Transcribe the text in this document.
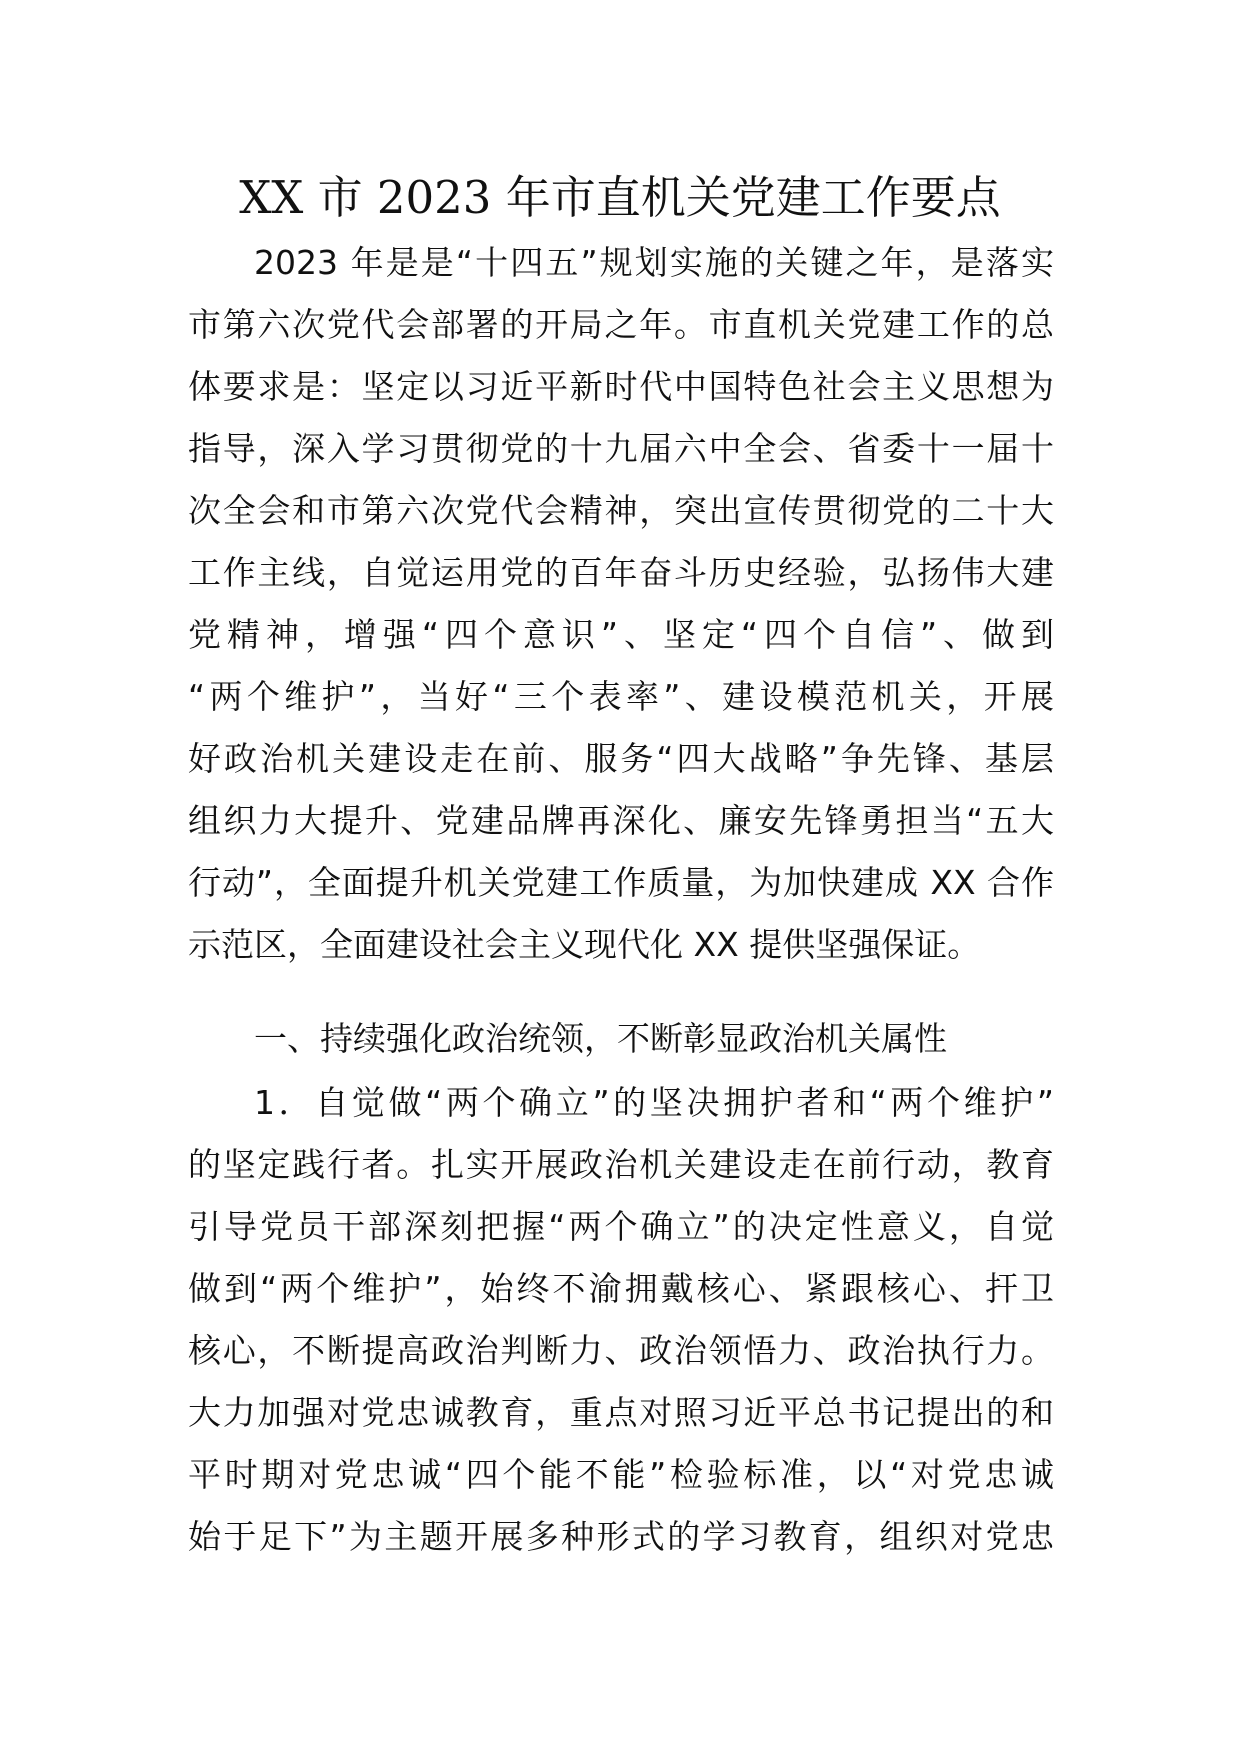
XX 市 2023 年市直机关党建工作要点
2023 年是是“十四五”规划实施的关键之年，是落实
市第六次党代会部署的开局之年。市直机关党建工作的总
体要求是：坚定以习近平新时代中国特色社会主义思想为
指导，深入学习贯彻党的十九届六中全会、省委十一届十
次全会和市第六次党代会精神，突出宣传贯彻党的二十大
工作主线，自觉运用党的百年奋斗历史经验，弘扬伟大建
党精神，增强“四个意识”、坚定“四个自信”、做到
“两个维护”，当好“三个表率”、建设模范机关，开展
好政治机关建设走在前、服务“四大战略”争先锋、基层
组织力大提升、党建品牌再深化、廉安先锋勇担当“五大
行动”，全面提升机关党建工作质量，为加快建成 XX 合作
示范区，全面建设社会主义现代化 XX 提供坚强保证。
一、持续强化政治统领，不断彰显政治机关属性
1．自觉做“两个确立”的坚决拥护者和“两个维护”
的坚定践行者。扎实开展政治机关建设走在前行动，教育
引导党员干部深刻把握“两个确立”的决定性意义，自觉
做到“两个维护”，始终不渝拥戴核心、紧跟核心、扞卫
核心，不断提高政治判断力、政治领悟力、政治执行力。
大力加强对党忠诚教育，重点对照习近平总书记提出的和
平时期对党忠诚“四个能不能”检验标准，以“对党忠诚
始于足下”为主题开展多种形式的学习教育，组织对党忠
